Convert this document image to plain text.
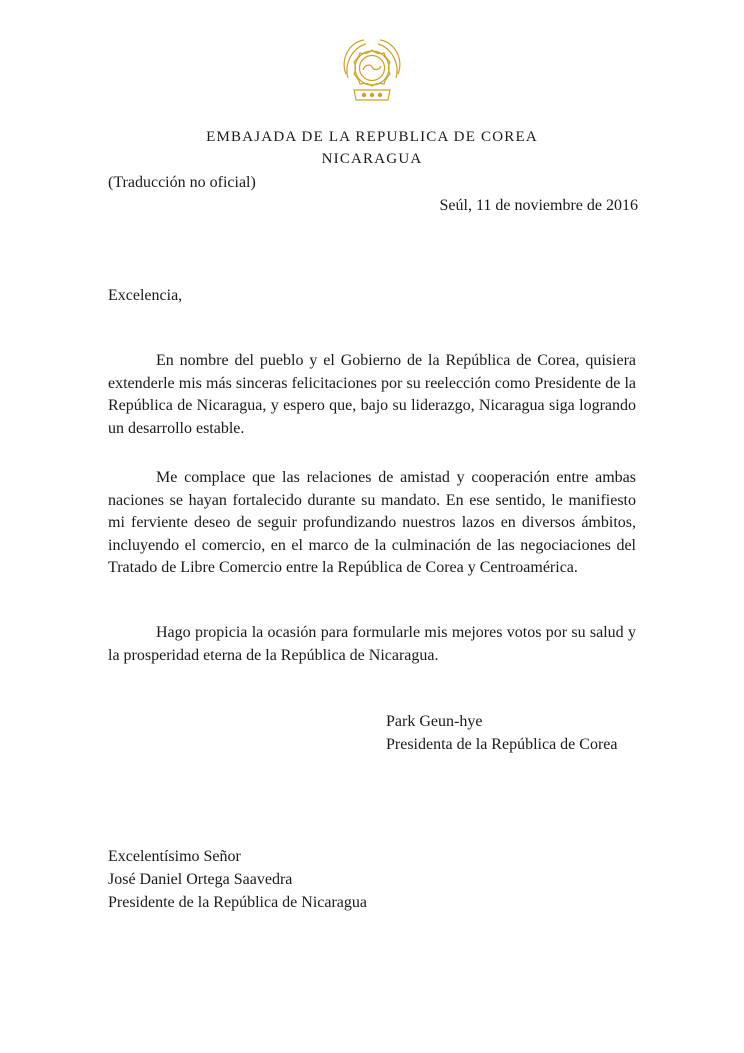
EMBAJADA DE LA REPUBLICA DE COREA
NICARAGUA
(Traducción no oficial)
Seúl, 11 de noviembre de 2016
Excelencia,

En nombre del pueblo y el Gobierno de la República de Corea, quisiera extenderle mis más sinceras felicitaciones por su reelección como Presidente de la República de Nicaragua, y espero que, bajo su liderazgo, Nicaragua siga logrando un desarrollo estable.

Me complace que las relaciones de amistad y cooperación entre ambas naciones se hayan fortalecido durante su mandato. En ese sentido, le manifiesto mi ferviente deseo de seguir profundizando nuestros lazos en diversos ámbitos, incluyendo el comercio, en el marco de la culminación de las negociaciones del Tratado de Libre Comercio entre la República de Corea y Centroamérica.

Hago propicia la ocasión para formularle mis mejores votos por su salud y la prosperidad eterna de la República de Nicaragua.

Park Geun-hye
Presidenta de la República de Corea
Excelentísimo Señor
José Daniel Ortega Saavedra
Presidente de la República de Nicaragua
